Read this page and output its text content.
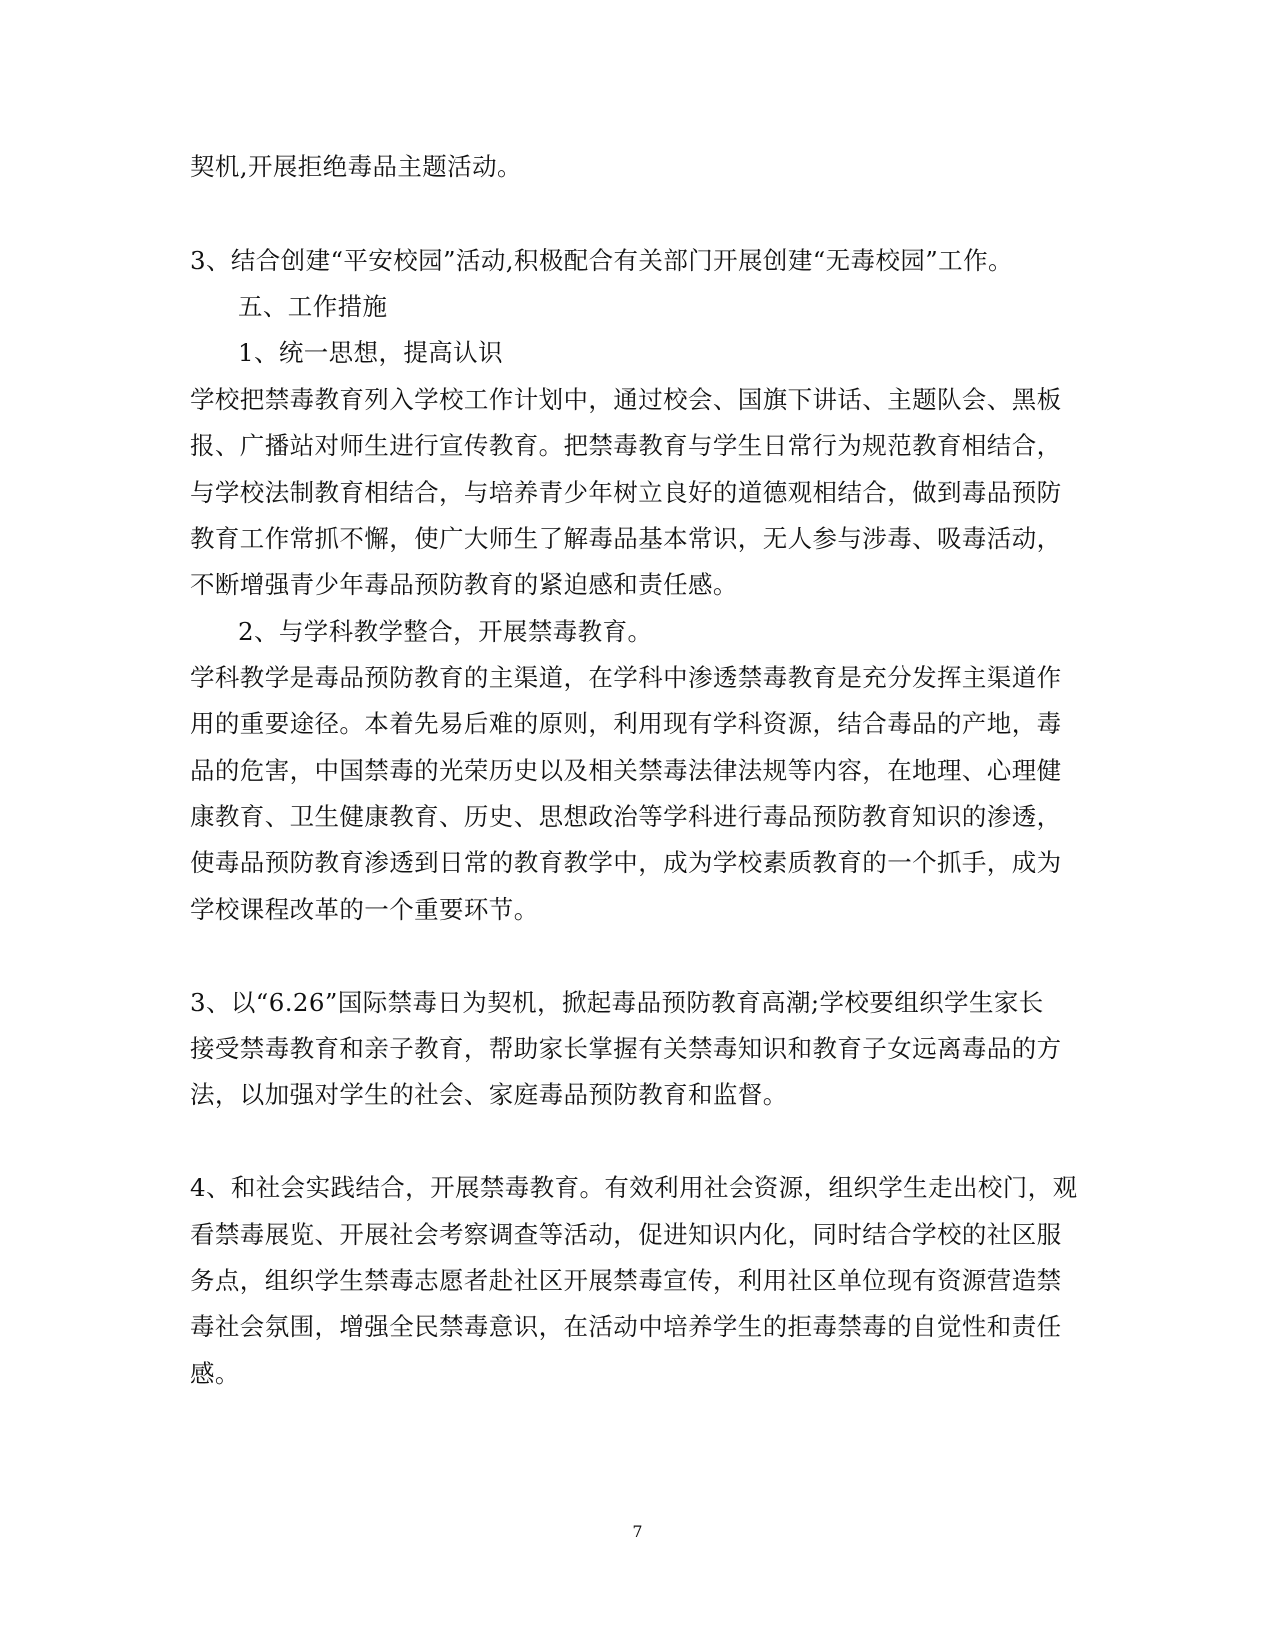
契机,开展拒绝毒品主题活动。
3、结合创建“平安校园”活动,积极配合有关部门开展创建“无毒校园”工作。
五、工作措施
1、统一思想，提高认识
学校把禁毒教育列入学校工作计划中，通过校会、国旗下讲话、主题队会、黑板
报、广播站对师生进行宣传教育。把禁毒教育与学生日常行为规范教育相结合，
与学校法制教育相结合，与培养青少年树立良好的道德观相结合，做到毒品预防
教育工作常抓不懈，使广大师生了解毒品基本常识，无人参与涉毒、吸毒活动，
不断增强青少年毒品预防教育的紧迫感和责任感。
2、与学科教学整合，开展禁毒教育。
学科教学是毒品预防教育的主渠道，在学科中渗透禁毒教育是充分发挥主渠道作
用的重要途径。本着先易后难的原则，利用现有学科资源，结合毒品的产地，毒
品的危害，中国禁毒的光荣历史以及相关禁毒法律法规等内容，在地理、心理健
康教育、卫生健康教育、历史、思想政治等学科进行毒品预防教育知识的渗透，
使毒品预防教育渗透到日常的教育教学中，成为学校素质教育的一个抓手，成为
学校课程改革的一个重要环节。
3、以“6.26”国际禁毒日为契机，掀起毒品预防教育高潮;学校要组织学生家长
接受禁毒教育和亲子教育，帮助家长掌握有关禁毒知识和教育子女远离毒品的方
法，以加强对学生的社会、家庭毒品预防教育和监督。
4、和社会实践结合，开展禁毒教育。有效利用社会资源，组织学生走出校门，观
看禁毒展览、开展社会考察调查等活动，促进知识内化，同时结合学校的社区服
务点，组织学生禁毒志愿者赴社区开展禁毒宣传，利用社区单位现有资源营造禁
毒社会氛围，增强全民禁毒意识，在活动中培养学生的拒毒禁毒的自觉性和责任
感。
7
